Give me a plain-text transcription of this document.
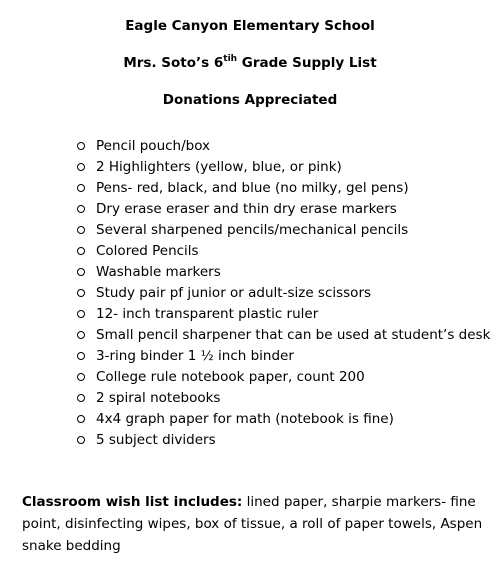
Eagle Canyon Elementary School
Mrs. Soto’s $6^{tih}$ Grade Supply List
Donations Appreciated
Pencil pouch/box
2 Highlighters (yellow, blue, or pink)
Pens- red, black, and blue (no milky, gel pens)
Dry erase eraser and thin dry erase markers
Several sharpened pencils/mechanical pencils
Colored Pencils
Washable markers
Study pair pf junior or adult-size scissors
12- inch transparent plastic ruler
Small pencil sharpener that can be used at student’s desk
3-ring binder 1 ½ inch binder
College rule notebook paper, count 200
2 spiral notebooks
4x4 graph paper for math (notebook is fine)
5 subject dividers
Classroom wish list includes: lined paper, sharpie markers- fine point, disinfecting wipes, box of tissue, a roll of paper towels, Aspen snake bedding
